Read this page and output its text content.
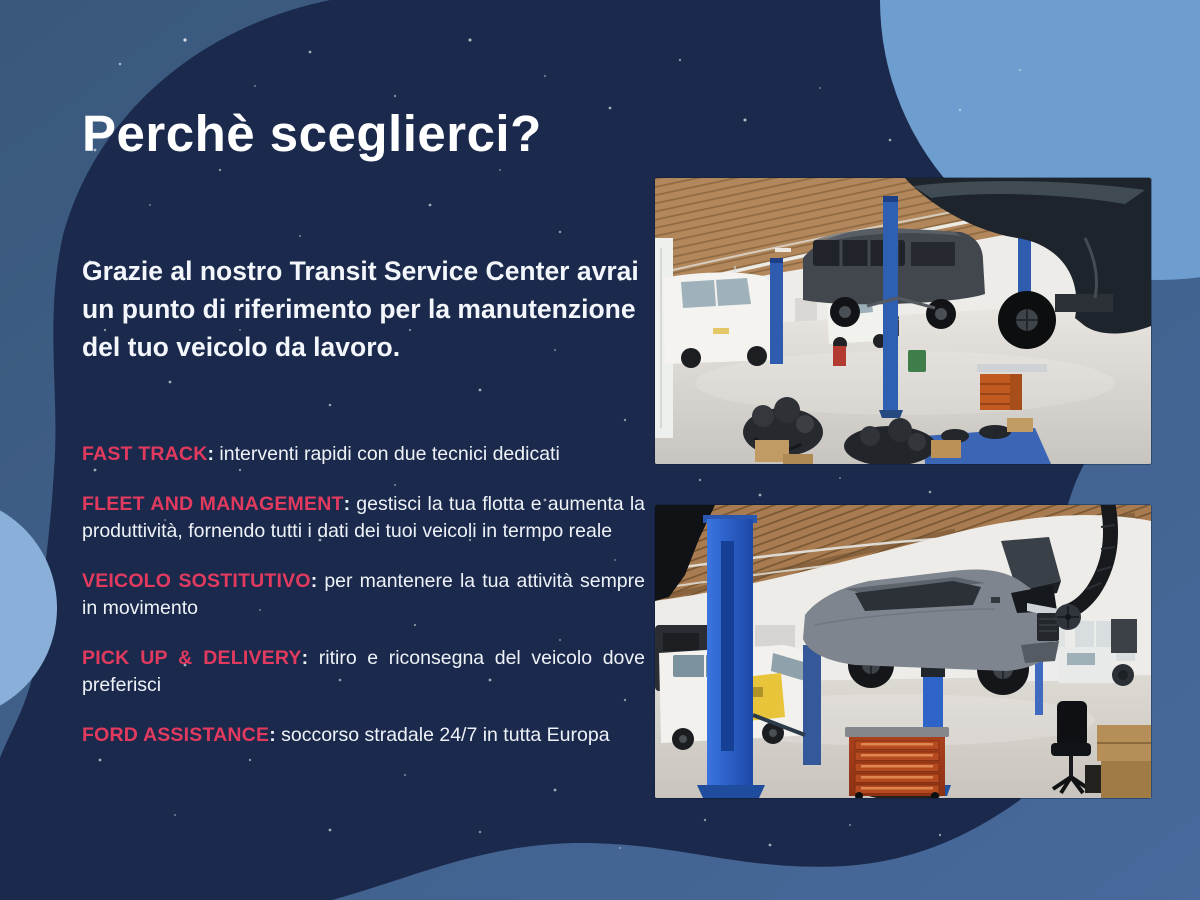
Perchè sceglierci?

Grazie al nostro Transit Service Center avrai un punto di riferimento per la manutenzione del tuo veicolo da lavoro.

FAST TRACK: interventi rapidi con due tecnici dedicati
FLEET AND MANAGEMENT: gestisci la tua flotta e aumenta la produttività, fornendo tutti i dati dei tuoi veicoli in termpo reale
VEICOLO SOSTITUTIVO: per mantenere la tua attività sempre in movimento
PICK UP & DELIVERY: ritiro e riconsegna del veicolo dove preferisci
FORD ASSISTANCE: soccorso stradale 24/7 in tutta Europa
